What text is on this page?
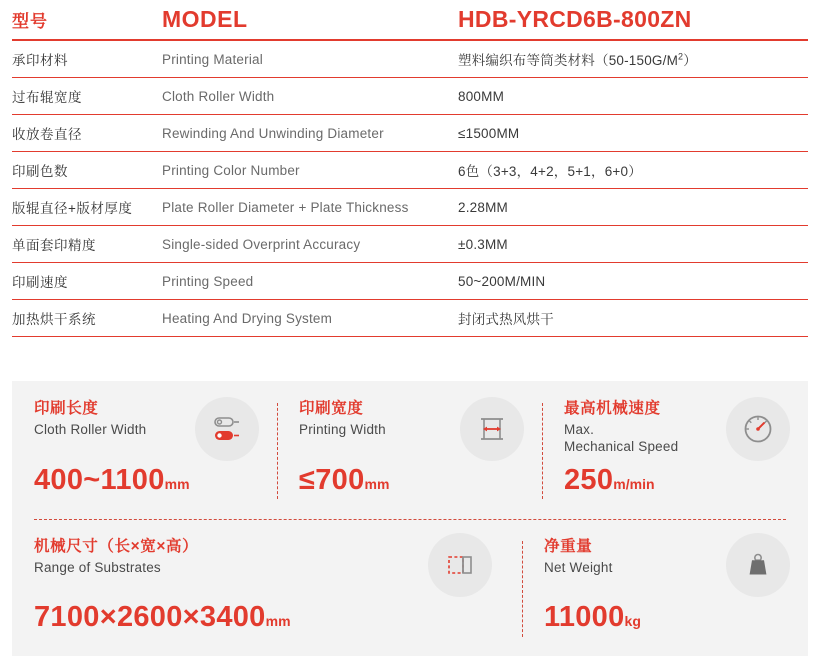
型号	MODEL	HDB-YRCD6B-800ZN

承印材料	Printing Material	塑料编织布等筒类材料$(50-150G/M^2)$

过布辊宽度	Cloth Roller Width	800MM

收放卷直径	Rewinding And Unwinding Diameter	≤1500MM

印刷色数	Printing Color Number	6色（3+3，4+2，5+1，6+0）

版辊直径+版材厚度	Plate Roller Diameter + Plate Thickness	2.28MM

单面套印精度	Single-sided Overprint Accuracy	±0.3MM

印刷速度	Printing Speed	50~200M/MIN

加热烘干系统	Heating And Drying System	封闭式热风烘干
印刷长度
Cloth Roller Width
400~1100mm
印刷宽度
Printing Width
≤700mm
最高机械速度
Max.
Mechanical Speed
250m/min
机械尺寸（长×宽×高）
Range of Substrates
7100×2600×3400mm
净重量
Net Weight
11000kg
